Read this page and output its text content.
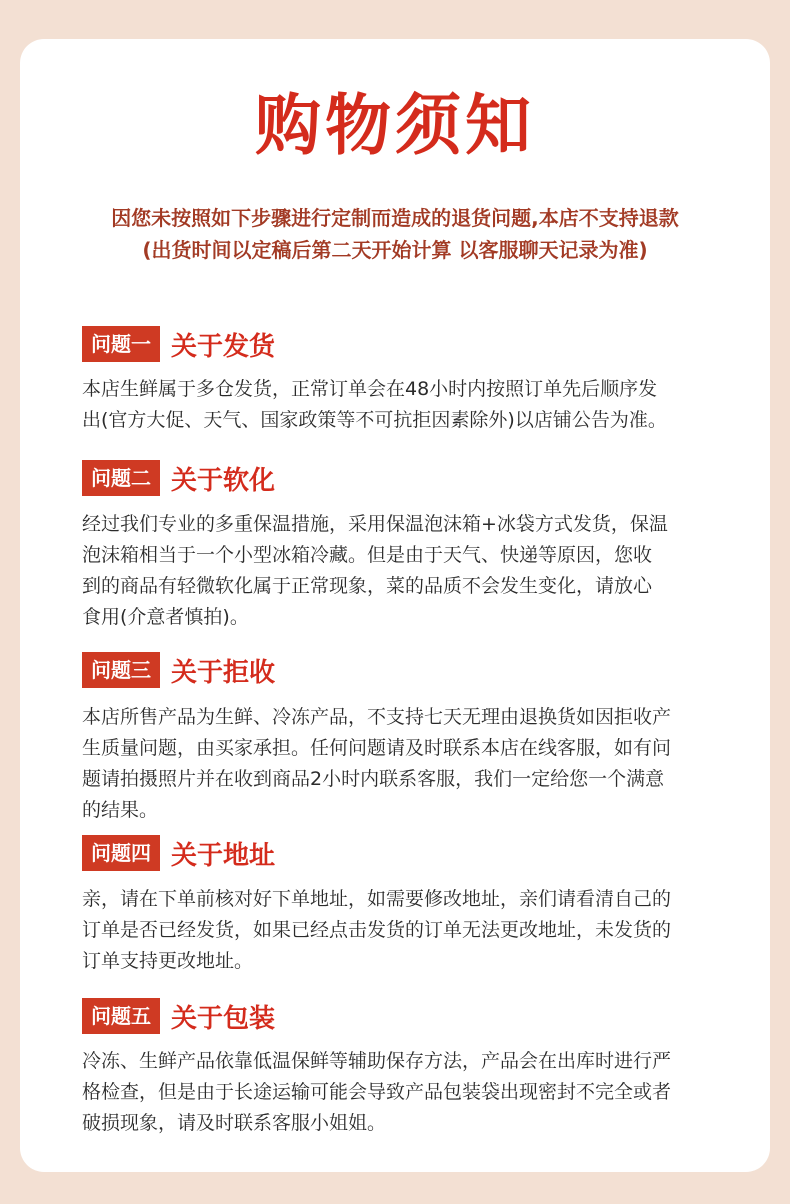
购物须知
因您未按照如下步骤进行定制而造成的退货问题,本店不支持退款
(出货时间以定稿后第二天开始计算 以客服聊天记录为准)
问题一 关于发货
本店生鲜属于多仓发货，正常订单会在48小时内按照订单先后顺序发
出(官方大促、天气、国家政策等不可抗拒因素除外)以店铺公告为准。
问题二 关于软化
经过我们专业的多重保温措施，采用保温泡沫箱+冰袋方式发货，保温
泡沫箱相当于一个小型冰箱冷藏。但是由于天气、快递等原因，您收
到的商品有轻微软化属于正常现象，菜的品质不会发生变化，请放心
食用(介意者慎拍)。
问题三 关于拒收
本店所售产品为生鲜、冷冻产品，不支持七天无理由退换货如因拒收产
生质量问题，由买家承担。任何问题请及时联系本店在线客服，如有问
题请拍摄照片并在收到商品2小时内联系客服，我们一定给您一个满意
的结果。
问题四 关于地址
亲，请在下单前核对好下单地址，如需要修改地址，亲们请看清自己的
订单是否已经发货，如果已经点击发货的订单无法更改地址，未发货的
订单支持更改地址。
问题五 关于包装
冷冻、生鲜产品依靠低温保鲜等辅助保存方法，产品会在出库时进行严
格检查，但是由于长途运输可能会导致产品包装袋出现密封不完全或者
破损现象，请及时联系客服小姐姐。
